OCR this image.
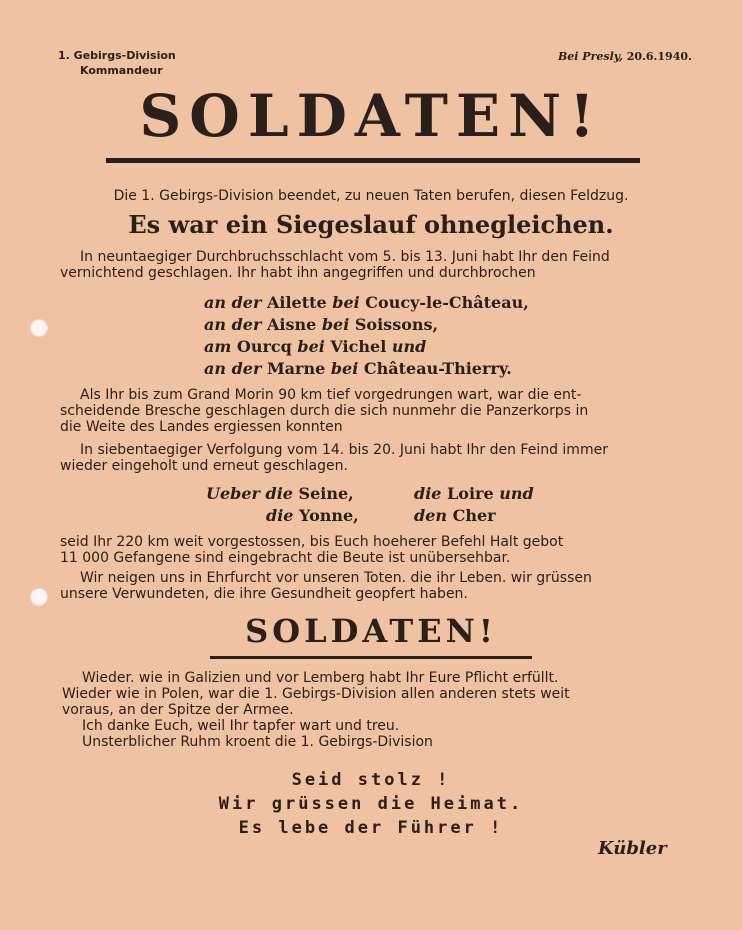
1. Gebirgs-Division
Kommandeur
Bei Presly, 20.6.1940.
SOLDATEN!
Die 1. Gebirgs-Division beendet, zu neuen Taten berufen, diesen Feldzug.
Es war ein Siegeslauf ohnegleichen.
In neuntaegiger Durchbruchsschlacht vom 5. bis 13. Juni habt Ihr den Feind
vernichtend geschlagen. Ihr habt ihn angegriffen und durchbrochen
an der Ailette bei Coucy-le-Château,
an der Aisne bei Soissons,
am Ourcq bei Vichel und
an der Marne bei Château-Thierry.
Als Ihr bis zum Grand Morin 90 km tief vorgedrungen wart, war die ent-
scheidende Bresche geschlagen durch die sich nunmehr die Panzerkorps in
die Weite des Landes ergiessen konnten
In siebentaegiger Verfolgung vom 14. bis 20. Juni habt Ihr den Feind immer
wieder eingeholt und erneut geschlagen.
Ueber die Seine,
die Yonne,
die Loire und
den Cher
seid Ihr 220 km weit vorgestossen, bis Euch hoeherer Befehl Halt gebot
11 000 Gefangene sind eingebracht die Beute ist unübersehbar.
Wir neigen uns in Ehrfurcht vor unseren Toten. die ihr Leben. wir grüssen
unsere Verwundeten, die ihre Gesundheit geopfert haben.
SOLDATEN!
Wieder. wie in Galizien und vor Lemberg habt Ihr Eure Pflicht erfüllt.
Wieder wie in Polen, war die 1. Gebirgs-Division allen anderen stets weit
voraus, an der Spitze der Armee.
Ich danke Euch, weil Ihr tapfer wart und treu.
Unsterblicher Ruhm kroent die 1. Gebirgs-Division
Seid stolz !
Wir grüssen die Heimat.
Es lebe der Führer !
Kübler
